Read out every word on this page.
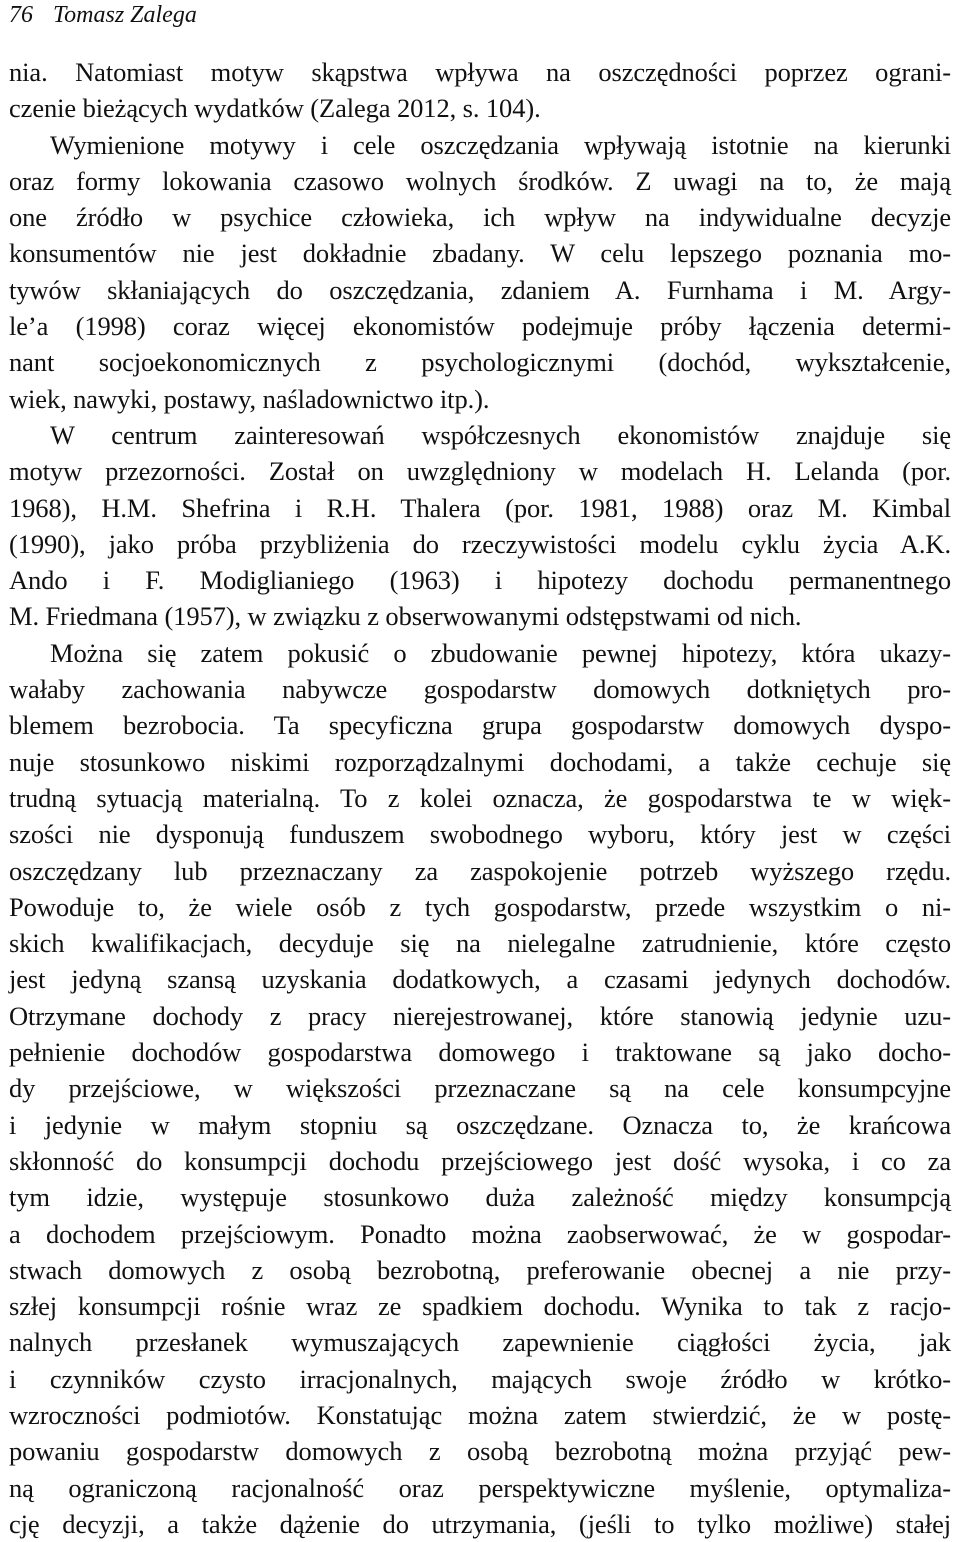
76 Tomasz Zalega
nia. Natomiast motyw skąpstwa wpływa na oszczędności poprzez ograni-
czenie bieżących wydatków (Zalega 2012, s. 104).
Wymienione motywy i cele oszczędzania wpływają istotnie na kierunki
oraz formy lokowania czasowo wolnych środków. Z uwagi na to, że mają
one źródło w psychice człowieka, ich wpływ na indywidualne decyzje
konsumentów nie jest dokładnie zbadany. W celu lepszego poznania mo-
tywów skłaniających do oszczędzania, zdaniem A. Furnhama i M. Argy-
le’a (1998) coraz więcej ekonomistów podejmuje próby łączenia determi-
nant socjoekonomicznych z psychologicznymi (dochód, wykształcenie,
wiek, nawyki, postawy, naśladownictwo itp.).
W centrum zainteresowań współczesnych ekonomistów znajduje się
motyw przezorności. Został on uwzględniony w modelach H. Lelanda (por.
1968), H.M. Shefrina i R.H. Thalera (por. 1981, 1988) oraz M. Kimbal
(1990), jako próba przybliżenia do rzeczywistości modelu cyklu życia A.K.
Ando i F. Modiglianiego (1963) i hipotezy dochodu permanentnego
M. Friedmana (1957), w związku z obserwowanymi odstępstwami od nich.
Można się zatem pokusić o zbudowanie pewnej hipotezy, która ukazy-
wałaby zachowania nabywcze gospodarstw domowych dotkniętych pro-
blemem bezrobocia. Ta specyficzna grupa gospodarstw domowych dyspo-
nuje stosunkowo niskimi rozporządzalnymi dochodami, a także cechuje się
trudną sytuacją materialną. To z kolei oznacza, że gospodarstwa te w więk-
szości nie dysponują funduszem swobodnego wyboru, który jest w części
oszczędzany lub przeznaczany za zaspokojenie potrzeb wyższego rzędu.
Powoduje to, że wiele osób z tych gospodarstw, przede wszystkim o ni-
skich kwalifikacjach, decyduje się na nielegalne zatrudnienie, które często
jest jedyną szansą uzyskania dodatkowych, a czasami jedynych dochodów.
Otrzymane dochody z pracy nierejestrowanej, które stanowią jedynie uzu-
pełnienie dochodów gospodarstwa domowego i traktowane są jako docho-
dy przejściowe, w większości przeznaczane są na cele konsumpcyjne
i jedynie w małym stopniu są oszczędzane. Oznacza to, że krańcowa
skłonność do konsumpcji dochodu przejściowego jest dość wysoka, i co za
tym idzie, występuje stosunkowo duża zależność między konsumpcją
a dochodem przejściowym. Ponadto można zaobserwować, że w gospodar-
stwach domowych z osobą bezrobotną, preferowanie obecnej a nie przy-
szłej konsumpcji rośnie wraz ze spadkiem dochodu. Wynika to tak z racjo-
nalnych przesłanek wymuszających zapewnienie ciągłości życia, jak
i czynników czysto irracjonalnych, mających swoje źródło w krótko-
wzroczności podmiotów. Konstatując można zatem stwierdzić, że w postę-
powaniu gospodarstw domowych z osobą bezrobotną można przyjąć pew-
ną ograniczoną racjonalność oraz perspektywiczne myślenie, optymaliza-
cję decyzji, a także dążenie do utrzymania, (jeśli to tylko możliwe) stałej
